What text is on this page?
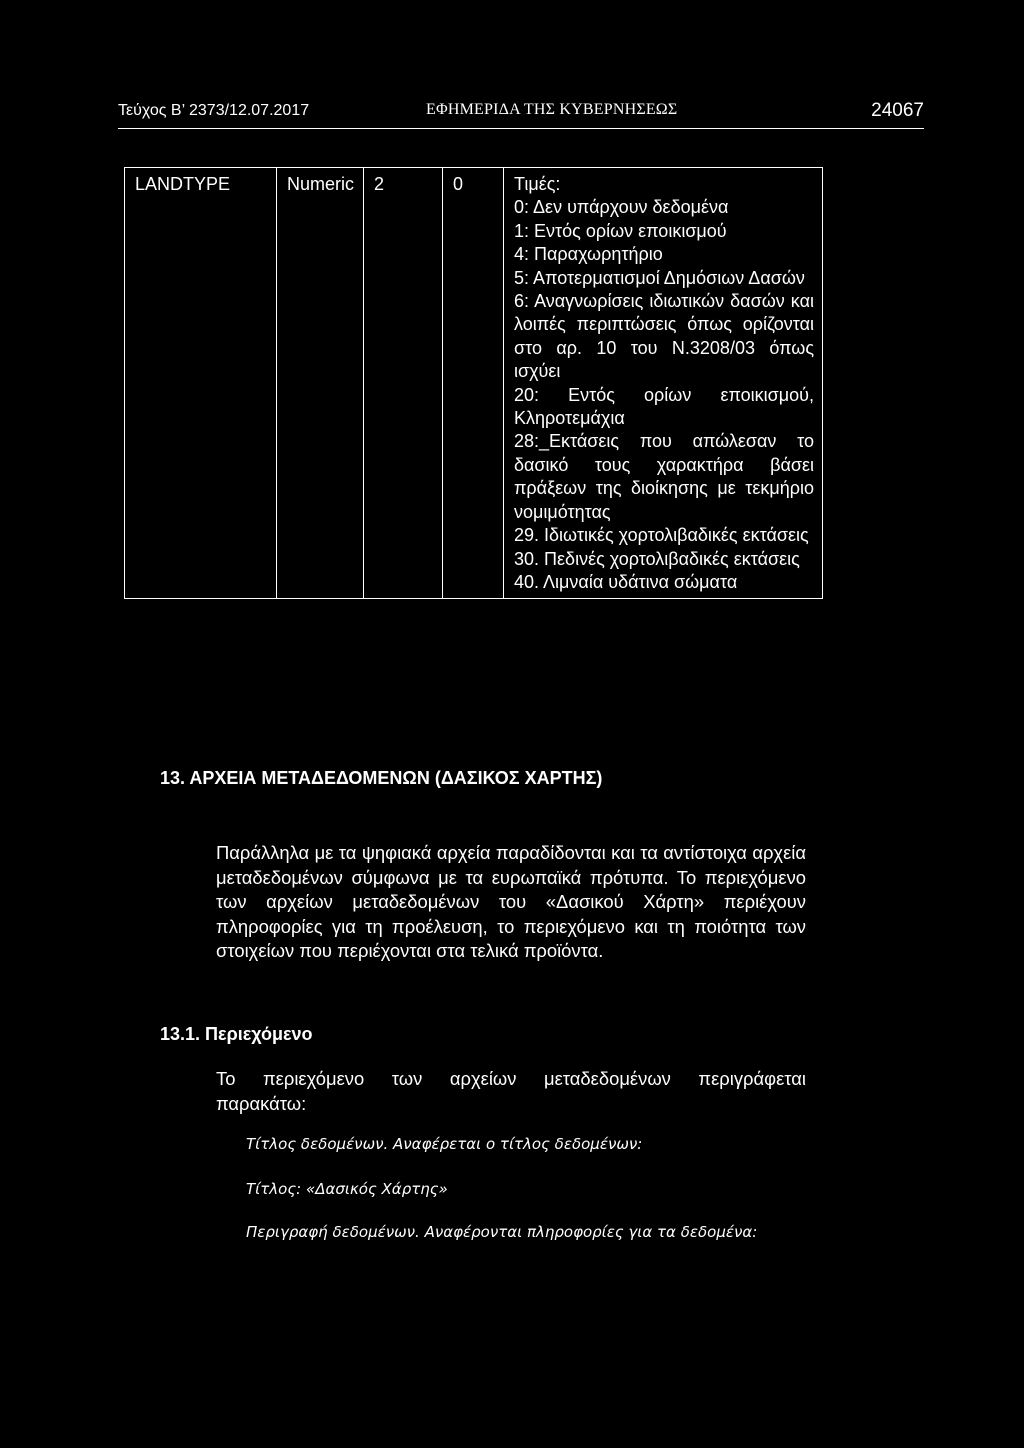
Τεύχος Β’ 2373/12.07.2017	ΕΦΗΜΕΡΙΔΑ ΤΗΣ ΚΥΒΕΡΝΗΣΕΩΣ	24067
LANDTYPE	Numeric	2	0	Τιμές:
0: Δεν υπάρχουν δεδομένα
1: Εντός ορίων εποικισμού
4: Παραχωρητήριο
5: Αποτερματισμοί Δημόσιων Δασών
6: Αναγνωρίσεις ιδιωτικών δασών και λοιπές περιπτώσεις όπως ορίζονται στο αρ. 10 του Ν.3208/03 όπως ισχύει
20: Εντός ορίων εποικισμού, Κληροτεμάχια
28:_Εκτάσεις που απώλεσαν το δασικό τους χαρακτήρα βάσει πράξεων της διοίκησης με τεκμήριο νομιμότητας
29. Ιδιωτικές χορτολιβαδικές εκτάσεις
30. Πεδινές χορτολιβαδικές εκτάσεις
40. Λιμναία υδάτινα σώματα
13. ΑΡΧΕΙΑ ΜΕΤΑΔΕΔΟΜΕΝΩΝ (ΔΑΣΙΚΟΣ ΧΑΡΤΗΣ)
Παράλληλα με τα ψηφιακά αρχεία παραδίδονται και τα αντίστοιχα αρχεία μεταδεδομένων σύμφωνα με τα ευρωπαϊκά πρότυπα. Το περιεχόμενο των αρχείων μεταδεδομένων του «Δασικού Χάρτη» περιέχουν πληροφορίες για τη προέλευση, το περιεχόμενο και τη ποιότητα των στοιχείων που περιέχονται στα τελικά προϊόντα.
13.1. Περιεχόμενο
Το περιεχόμενο των αρχείων μεταδεδομένων περιγράφεται
παρακάτω:
Τίτλος δεδομένων. Αναφέρεται ο τίτλος δεδομένων:
Τίτλος: «Δασικός Χάρτης»
Περιγραφή δεδομένων. Αναφέρονται πληροφορίες για τα δεδομένα:
